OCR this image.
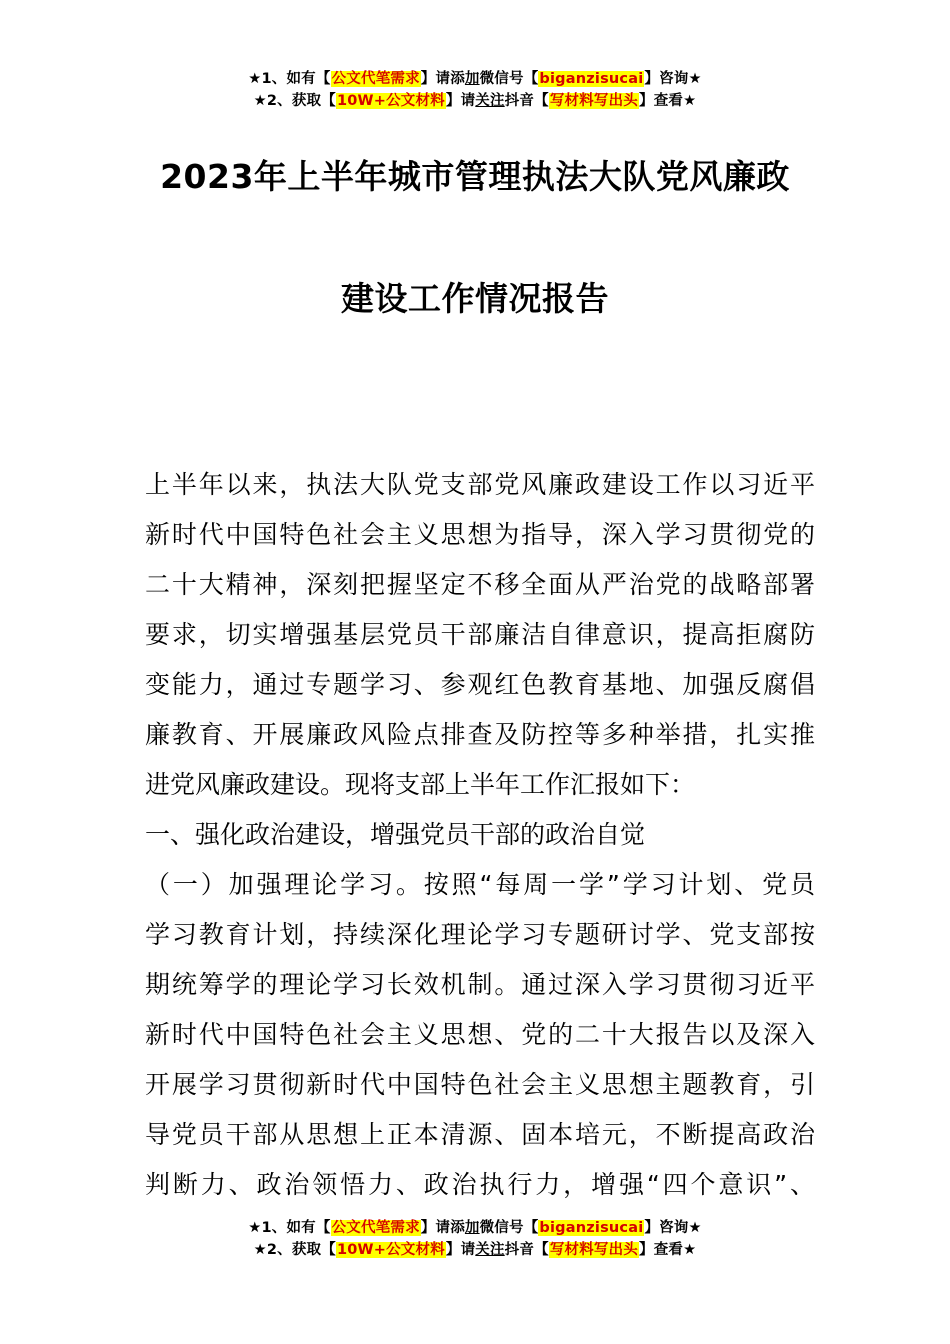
★1、如有【公文代笔需求】请添加微信号【biganzisucai】咨询★
★2、获取【10W+公文材料】请关注抖音【写材料写出头】查看★
2023年上半年城市管理执法大队党风廉政
建设工作情况报告
上半年以来，执法大队党支部党风廉政建设工作以习近平
新时代中国特色社会主义思想为指导，深入学习贯彻党的
二十大精神，深刻把握坚定不移全面从严治党的战略部署
要求，切实增强基层党员干部廉洁自律意识，提高拒腐防
变能力，通过专题学习、参观红色教育基地、加强反腐倡
廉教育、开展廉政风险点排查及防控等多种举措，扎实推
进党风廉政建设。现将支部上半年工作汇报如下：
一、强化政治建设，增强党员干部的政治自觉
（一）加强理论学习。按照“每周一学”学习计划、党员
学习教育计划，持续深化理论学习专题研讨学、党支部按
期统筹学的理论学习长效机制。通过深入学习贯彻习近平
新时代中国特色社会主义思想、党的二十大报告以及深入
开展学习贯彻新时代中国特色社会主义思想主题教育，引
导党员干部从思想上正本清源、固本培元，不断提高政治
判断力、政治领悟力、政治执行力，增强“四个意识”、
★1、如有【公文代笔需求】请添加微信号【biganzisucai】咨询★
★2、获取【10W+公文材料】请关注抖音【写材料写出头】查看★
